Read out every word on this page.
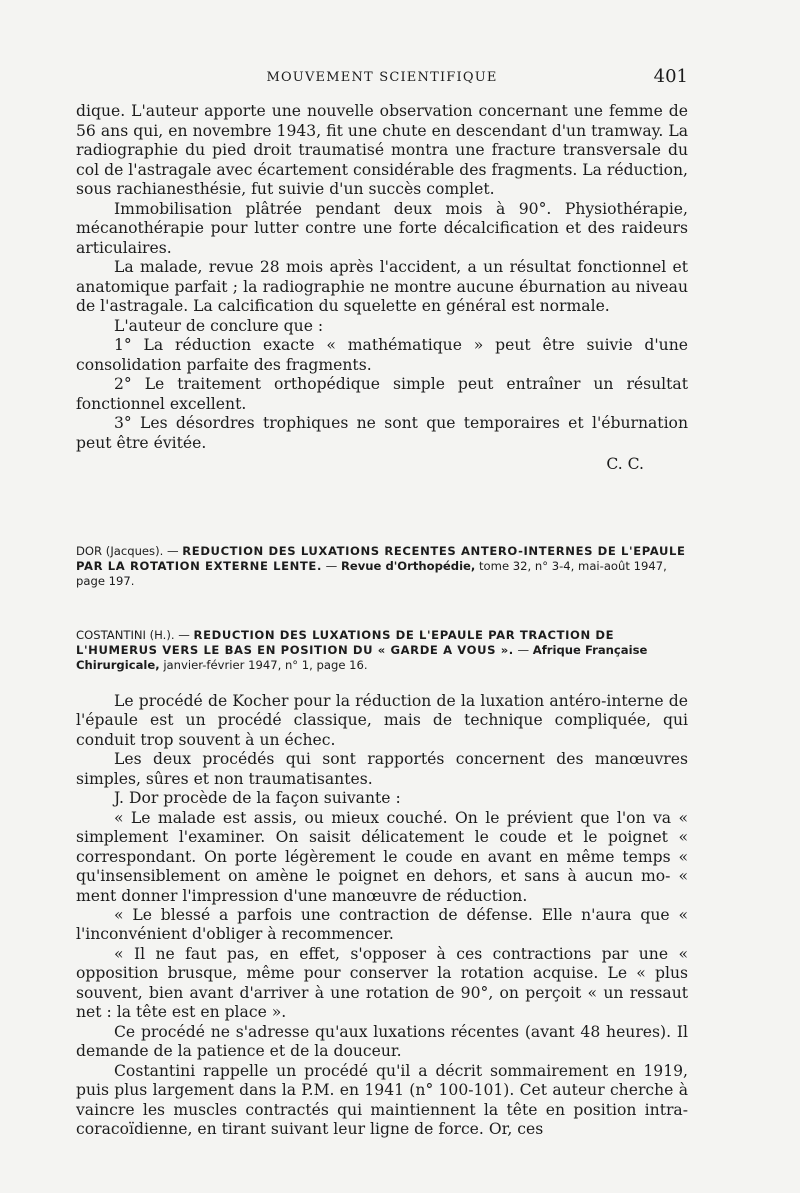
MOUVEMENT SCIENTIFIQUE	401

dique. L'auteur apporte une nouvelle observation concernant une femme de 56 ans qui, en novembre 1943, fit une chute en descendant d'un tramway. La radiographie du pied droit traumatisé montra une fracture transversale du col de l'astragale avec écartement considérable des fragments. La réduction, sous rachianesthésie, fut suivie d'un succès complet.

Immobilisation plâtrée pendant deux mois à 90°. Physiothérapie, mécanothérapie pour lutter contre une forte décalcification et des raideurs articulaires.

La malade, revue 28 mois après l'accident, a un résultat fonctionnel et anatomique parfait ; la radiographie ne montre aucune éburnation au niveau de l'astragale. La calcification du squelette en général est normale.

L'auteur de conclure que :

1° La réduction exacte « mathématique » peut être suivie d'une consolidation parfaite des fragments.

2° Le traitement orthopédique simple peut entraîner un résultat fonctionnel excellent.

3° Les désordres trophiques ne sont que temporaires et l'éburnation peut être évitée.

C. C.

DOR (Jacques). — REDUCTION DES LUXATIONS RECENTES ANTERO-INTERNES DE L'EPAULE PAR LA ROTATION EXTERNE LENTE. — Revue d'Orthopédie, tome 32, n° 3-4, mai-août 1947, page 197.
COSTANTINI (H.). — REDUCTION DES LUXATIONS DE L'EPAULE PAR TRACTION DE L'HUMERUS VERS LE BAS EN POSITION DU « GARDE A VOUS ». — Afrique Française Chirurgicale, janvier-février 1947, n° 1, page 16.

Le procédé de Kocher pour la réduction de la luxation antéro-interne de l'épaule est un procédé classique, mais de technique compliquée, qui conduit trop souvent à un échec.

Les deux procédés qui sont rapportés concernent des manœuvres simples, sûres et non traumatisantes.

J. Dor procède de la façon suivante :

« Le malade est assis, ou mieux couché. On le prévient que l'on va « simplement l'examiner. On saisit délicatement le coude et le poignet « correspondant. On porte légèrement le coude en avant en même temps « qu'insensiblement on amène le poignet en dehors, et sans à aucun mo- « ment donner l'impression d'une manœuvre de réduction.

« Le blessé a parfois une contraction de défense. Elle n'aura que « l'inconvénient d'obliger à recommencer.

« Il ne faut pas, en effet, s'opposer à ces contractions par une « opposition brusque, même pour conserver la rotation acquise. Le « plus souvent, bien avant d'arriver à une rotation de 90°, on perçoit « un ressaut net : la tête est en place ».

Ce procédé ne s'adresse qu'aux luxations récentes (avant 48 heures). Il demande de la patience et de la douceur.

Costantini rappelle un procédé qu'il a décrit sommairement en 1919, puis plus largement dans la P.M. en 1941 (n° 100-101). Cet auteur cherche à vaincre les muscles contractés qui maintiennent la tête en position intra-coracoïdienne, en tirant suivant leur ligne de force. Or, ces
